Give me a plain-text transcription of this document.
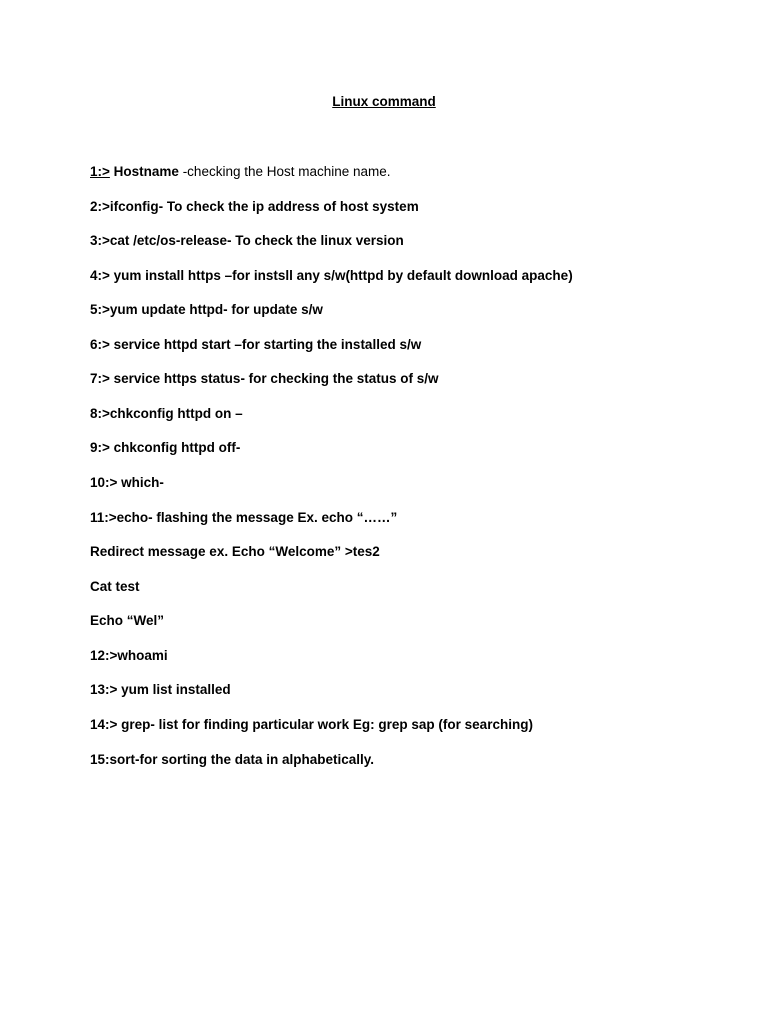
Linux command
1:> Hostname -checking the Host machine name.
2:>ifconfig- To check the ip address of host system
3:>cat /etc/os-release- To check the linux version
4:> yum install https –for instsll any s/w(httpd by default download apache)
5:>yum update httpd- for update s/w
6:> service httpd start –for starting the installed s/w
7:> service https status- for checking the status of s/w
8:>chkconfig httpd on –
9:> chkconfig httpd off-
10:> which-
11:>echo- flashing the message Ex. echo “……”
Redirect message ex. Echo “Welcome” >tes2
Cat test
Echo “Wel”
12:>whoami
13:> yum list installed
14:> grep- list for finding particular work Eg: grep sap (for searching)
15:sort-for sorting the data in alphabetically.
